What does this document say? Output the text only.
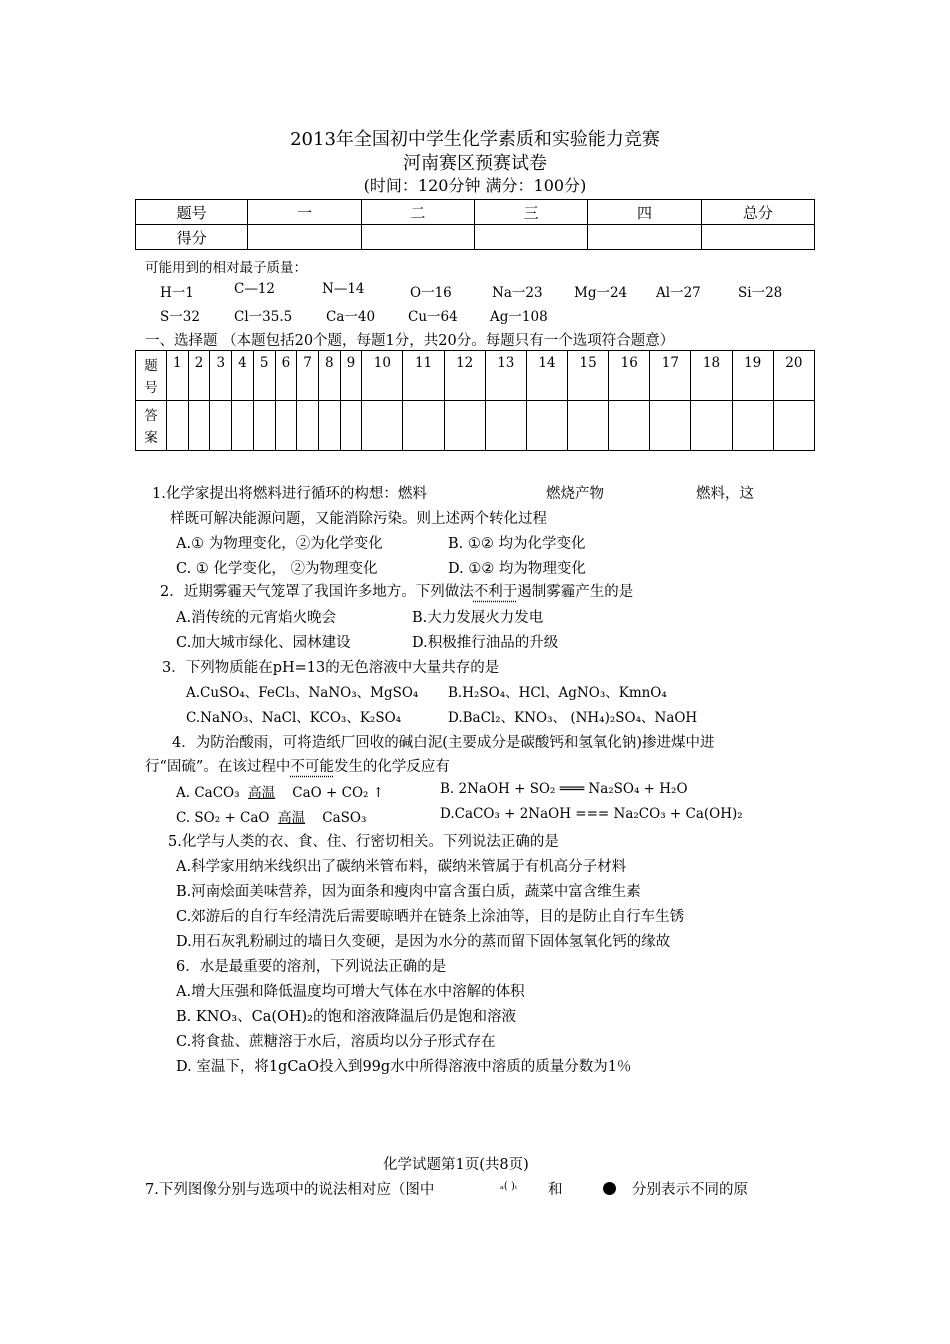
2013年全国初中学生化学素质和实验能力竞赛
河南赛区预赛试卷
(时间：120分钟 满分：100分)
题号	一	二	三	四	总分
得分					
可能用到的相对最子质量：
H一1	C—12	N—14	O一16	Na一23 Mg一24 Al一27	Si一28
S一32	Cl一35.5	Ca一40 Cu一64 Ag一108
一、选择题 （本题包括20个题，每题1分，共20分。每题只有一个选项符合题意）
题
号	1	2	3	4	5	6	7	8	9	10	11	12	13	14	15	16	17	18	19	20
答
案																				
1.化学家提出将燃料进行循环的构想：燃料	燃烧产物	燃料，这
样既可解决能源问题，又能消除污染。则上述两个转化过程
A.① 为物理变化，②为化学变化	B. ①② 均为化学变化
C. ① 化学变化， ②为物理变化	D. ①② 均为物理变化
2．近期雾霾天气笼罩了我国许多地方。下列做法不利于遏制雾霾产生的是
A.消传统的元宵焰火晚会	B.大力发展火力发电
C.加大城市绿化、园林建设	D.积极推行油品的升级
3．下列物质能在pH=13的无色溶液中大量共存的是
A.CuSO₄、FeCl₃、NaNO₃、MgSO₄ B.H₂SO₄、HCl、AgNO₃、KmnO₄
C.NaNO₃、NaCl、KCO₃、K₂SO₄	D.BaCl₂、KNO₃、 (NH₄)₂SO₄、NaOH
4．为防治酸雨，可将造纸厂回收的碱白泥(主要成分是碳酸钙和氢氧化钠)掺进煤中进
行“固硫”。在该过程中不可能发生的化学反应有
A. CaCO₃ 高温 CaO + CO₂ ↑	B. 2NaOH + SO₂ ═══ Na₂SO₄ + H₂O
C. SO₂ + CaO 高温 CaSO₃	D.CaCO₃ + 2NaOH === Na₂CO₃ + Ca(OH)₂
5.化学与人类的衣、食、住、行密切相关。下列说法正确的是
A.科学家用纳米线织出了碳纳米管布料，碳纳米管属于有机高分子材料
B.河南烩面美味营养，因为面条和瘦肉中富含蛋白质，蔬菜中富含维生素
C.郊游后的自行车经清洗后需要晾晒并在链条上涂油等，目的是防止自行车生锈
D.用石灰乳粉刷过的墙日久变硬，是因为水分的蒸而留下固体氢氧化钙的缘故
6．水是最重要的溶剂，下列说法正确的是
A.增大压强和降低温度均可增大气体在水中溶解的体积
B. KNO₃、Ca(OH)₂的饱和溶液降温后仍是饱和溶液
C.将食盐、蔗糖溶于水后，溶质均以分子形式存在
D. 室温下，将1gCaO投入到99g水中所得溶液中溶质的质量分数为1％
化学试题第1页(共8页)
7.下列图像分别与选项中的说法相对应（图中	ₐ( )ᵢ 和	分别表示不同的原
